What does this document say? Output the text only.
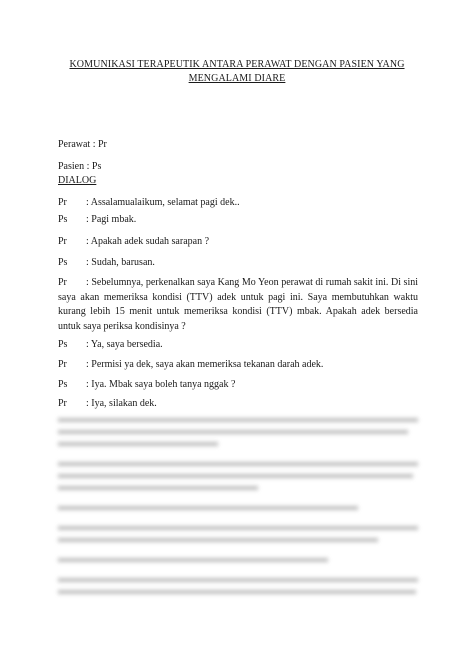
KOMUNIKASI TERAPEUTIK ANTARA PERAWAT DENGAN PASIEN YANG
MENGALAMI DIARE
Perawat : Pr
Pasien : Ps
DIALOG
Pr : Assalamualaikum, selamat pagi dek..
Ps : Pagi mbak.
Pr : Apakah adek sudah sarapan ?
Ps : Sudah, barusan.
Pr : Sebelumnya, perkenalkan saya Kang Mo Yeon perawat di rumah sakit ini. Di sini saya akan memeriksa kondisi (TTV) adek untuk pagi ini. Saya membutuhkan waktu kurang lebih 15 menit untuk memeriksa kondisi (TTV) mbak. Apakah adek bersedia untuk saya periksa kondisinya ?
Ps : Ya, saya bersedia.
Pr : Permisi ya dek, saya akan memeriksa tekanan darah adek.
Ps : Iya. Mbak saya boleh tanya nggak ?
Pr : Iya, silakan dek.
